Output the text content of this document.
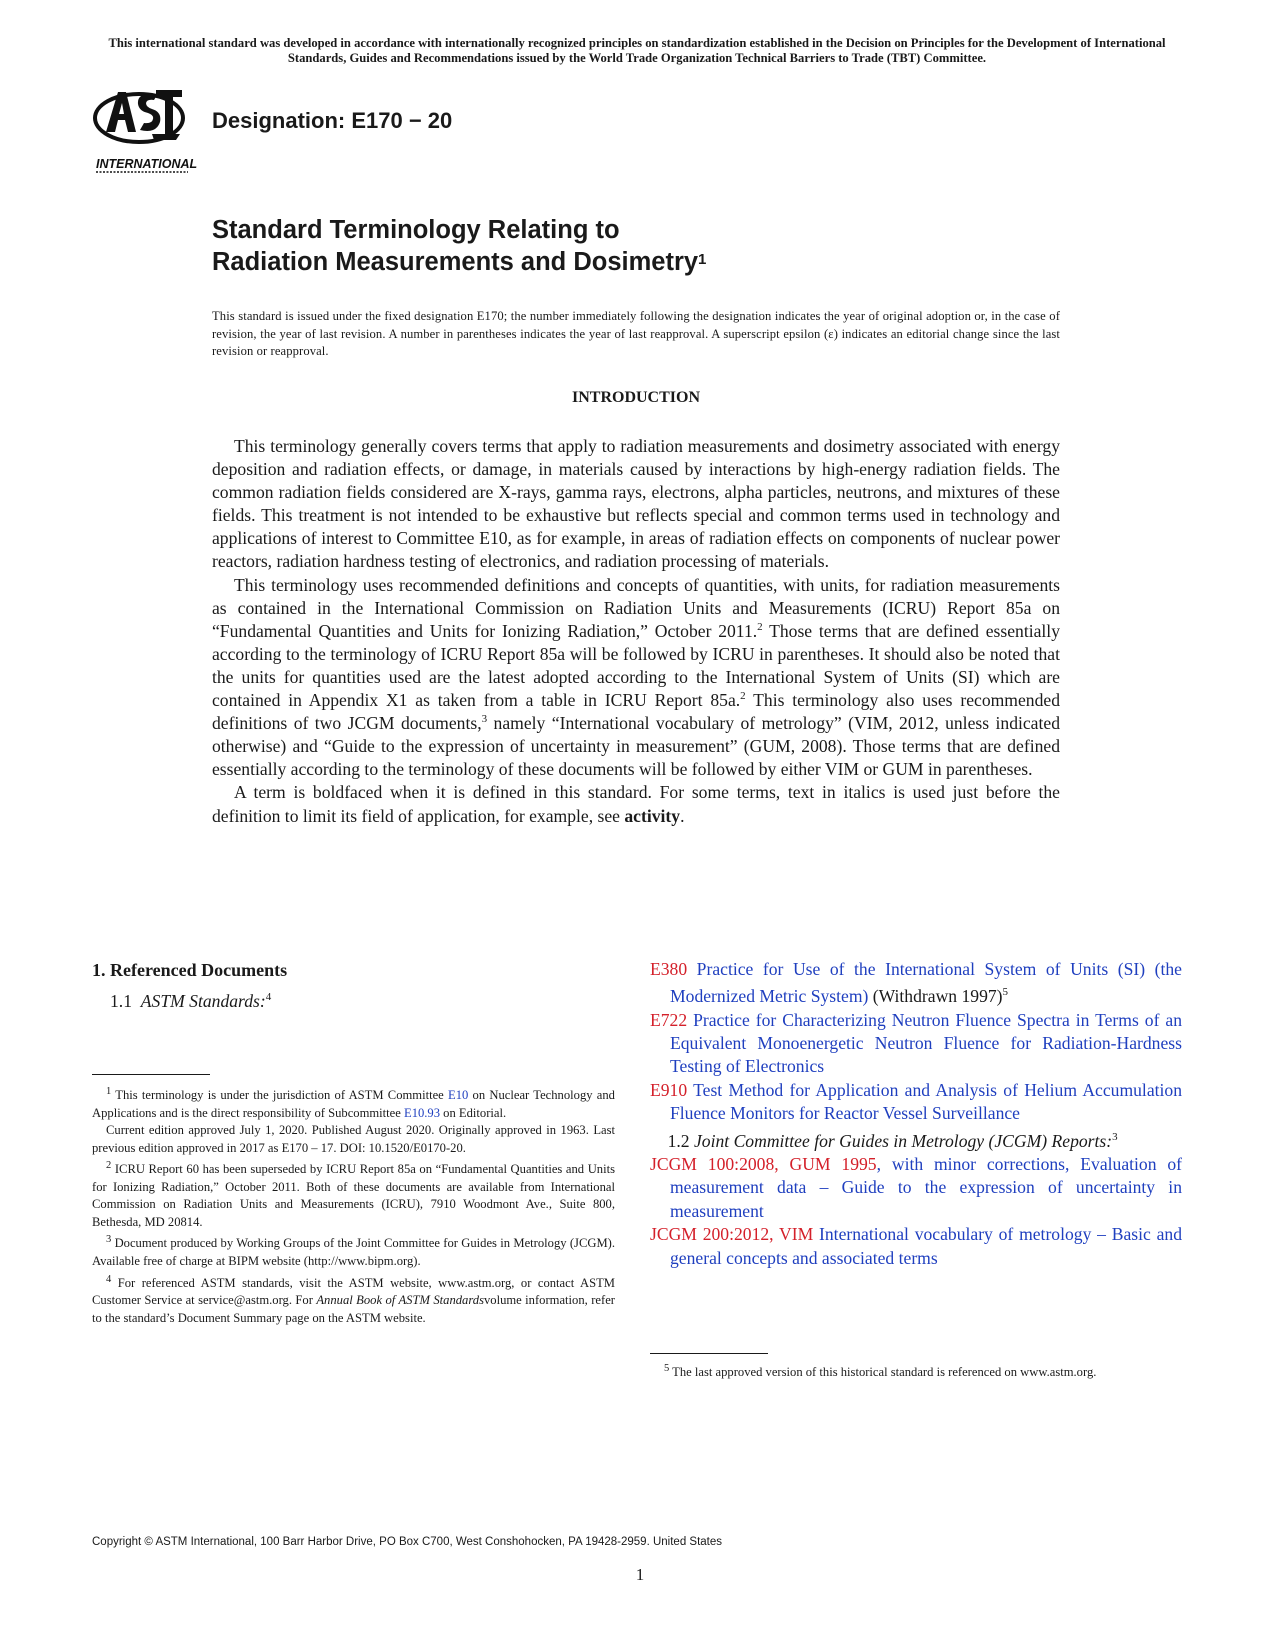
This international standard was developed in accordance with internationally recognized principles on standardization established in the Decision on Principles for the Development of International Standards, Guides and Recommendations issued by the World Trade Organization Technical Barriers to Trade (TBT) Committee.
INTERNATIONAL
Designation: E170 − 20
Standard Terminology Relating to
Radiation Measurements and Dosimetry$^1$
This standard is issued under the fixed designation E170; the number immediately following the designation indicates the year of original adoption or, in the case of revision, the year of last revision. A number in parentheses indicates the year of last reapproval. A superscript epsilon (ε) indicates an editorial change since the last revision or reapproval.
INTRODUCTION

This terminology generally covers terms that apply to radiation measurements and dosimetry associated with energy deposition and radiation effects, or damage, in materials caused by interactions by high-energy radiation fields. The common radiation fields considered are X-rays, gamma rays, electrons, alpha particles, neutrons, and mixtures of these fields. This treatment is not intended to be exhaustive but reflects special and common terms used in technology and applications of interest to Committee E10, as for example, in areas of radiation effects on components of nuclear power reactors, radiation hardness testing of electronics, and radiation processing of materials.

This terminology uses recommended definitions and concepts of quantities, with units, for radiation measurements as contained in the International Commission on Radiation Units and Measurements (ICRU) Report 85a on “Fundamental Quantities and Units for Ionizing Radiation,” October 2011.$^2$ Those terms that are defined essentially according to the terminology of ICRU Report 85a will be followed by ICRU in parentheses. It should also be noted that the units for quantities used are the latest adopted according to the International System of Units (SI) which are contained in Appendix X1 as taken from a table in ICRU Report 85a.$^2$ This terminology also uses recommended definitions of two JCGM documents,$^3$ namely “International vocabulary of metrology” (VIM, 2012, unless indicated otherwise) and “Guide to the expression of uncertainty in measurement” (GUM, 2008). Those terms that are defined essentially according to the terminology of these documents will be followed by either VIM or GUM in parentheses.

A term is boldfaced when it is defined in this standard. For some terms, text in italics is used just before the definition to limit its field of application, for example, see activity.

1. Referenced Documents

1.1 ASTM Standards:$^4$

$^1$ This terminology is under the jurisdiction of ASTM Committee E10 on Nuclear Technology and Applications and is the direct responsibility of Subcommittee E10.93 on Editorial.

Current edition approved July 1, 2020. Published August 2020. Originally approved in 1963. Last previous edition approved in 2017 as E170 – 17. DOI: 10.1520/E0170-20.

$^2$ ICRU Report 60 has been superseded by ICRU Report 85a on “Fundamental Quantities and Units for Ionizing Radiation,” October 2011. Both of these documents are available from International Commission on Radiation Units and Measurements (ICRU), 7910 Woodmont Ave., Suite 800, Bethesda, MD 20814.

$^3$ Document produced by Working Groups of the Joint Committee for Guides in Metrology (JCGM). Available free of charge at BIPM website (http://www.bipm.org).

$^4$ For referenced ASTM standards, visit the ASTM website, www.astm.org, or contact ASTM Customer Service at service@astm.org. For Annual Book of ASTM Standardsvolume information, refer to the standard’s Document Summary page on the ASTM website.

E380 Practice for Use of the International System of Units (SI) (the Modernized Metric System) (Withdrawn 1997)$^5$

E722 Practice for Characterizing Neutron Fluence Spectra in Terms of an Equivalent Monoenergetic Neutron Fluence for Radiation-Hardness Testing of Electronics

E910 Test Method for Application and Analysis of Helium Accumulation Fluence Monitors for Reactor Vessel Surveillance

1.2 Joint Committee for Guides in Metrology (JCGM) Reports:$^3$

JCGM 100:2008, GUM 1995, with minor corrections, Evaluation of measurement data – Guide to the expression of uncertainty in measurement

JCGM 200:2012, VIM International vocabulary of metrology – Basic and general concepts and associated terms

$^5$ The last approved version of this historical standard is referenced on www.astm.org.

Copyright © ASTM International, 100 Barr Harbor Drive, PO Box C700, West Conshohocken, PA 19428-2959. United States
1
